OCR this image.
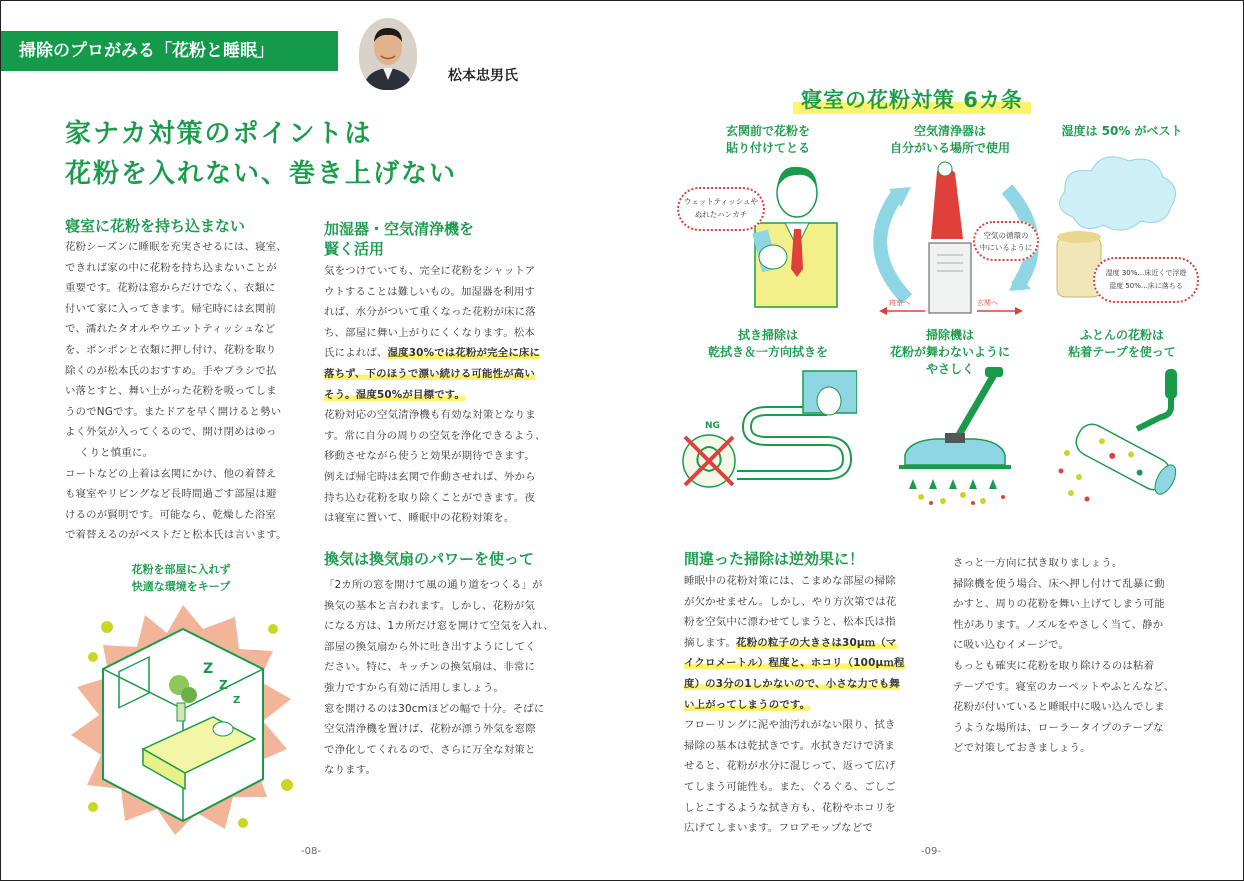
掃除のプロがみる「花粉と睡眠」
松本忠男氏
家ナカ対策のポイントは
花粉を入れない、巻き上げない
寝室に花粉を持ち込まない
花粉シーズンに睡眠を充実させるには、寝室、
できれば家の中に花粉を持ち込まないことが
重要です。花粉は窓からだけでなく、衣類に
付いて家に入ってきます。帰宅時には玄関前
で、濡れたタオルやウエットティッシュなど
を、ポンポンと衣類に押し付け、花粉を取り
除くのが松本氏のおすすめ。手やブラシで払
い落とすと、舞い上がった花粉を吸ってしま
うのでNGです。またドアを早く開けると勢い
よく外気が入ってくるので、開け閉めはゆっ
くりと慎重に。
コートなどの上着は玄関にかけ、他の着替え
も寝室やリビングなど長時間過ごす部屋は避
けるのが賢明です。可能なら、乾燥した浴室
で着替えるのがベストだと松本氏は言います。
花粉を部屋に入れず
快適な環境をキープ
Z
Z
Z
加湿器・空気清浄機を
賢く活用
気をつけていても、完全に花粉をシャットア
ウトすることは難しいもの。加湿器を利用す
れば、水分がついて重くなった花粉が床に落
ち、部屋に舞い上がりにくくなります。松本
氏によれば、湿度30%では花粉が完全に床に
落ちず、下のほうで漂い続ける可能性が高い
そう。湿度50%が目標です。
花粉対応の空気清浄機も有効な対策となりま
す。常に自分の周りの空気を浄化できるよう、
移動させながら使うと効果が期待できます。
例えば帰宅時は玄関で作動させれば、外から
持ち込む花粉を取り除くことができます。夜
は寝室に置いて、睡眠中の花粉対策を。
換気は換気扇のパワーを使って
「2カ所の窓を開けて風の通り道をつくる」が
換気の基本と言われます。しかし、花粉が気
になる方は、1カ所だけ窓を開けて空気を入れ、
部屋の換気扇から外に吐き出すようにしてく
ださい。特に、キッチンの換気扇は、非常に
強力ですから有効に活用しましょう。
窓を開けるのは30cmほどの幅で十分。そばに
空気清浄機を置けば、花粉が漂う外気を窓際
で浄化してくれるので、さらに万全な対策と
なります。
-08-
寝室の花粉対策 6カ条
玄関前で花粉を
貼り付けてとる
空気清浄器は
自分がいる場所で使用
湿度は 50% がベスト
ウェットティッシュや
ぬれたハンカチ
空気の循環の
中にいるように
寝室へ	玄関へ
湿度 30%…床近くで浮遊
湿度 50%…床に落ちる
拭き掃除は
乾拭き＆一方向拭きを
掃除機は
花粉が舞わないように
やさしく
ふとんの花粉は
粘着テープを使って
NG
間違った掃除は逆効果に！
睡眠中の花粉対策には、こまめな部屋の掃除
が欠かせません。しかし、やり方次第では花
粉を空気中に漂わせてしまうと、松本氏は指
摘します。花粉の粒子の大きさは30μｍ（マ
イクロメートル）程度と、ホコリ（100μｍ程
度）の3分の1しかないので、小さな力でも舞
い上がってしまうのです。
フローリングに泥や油汚れがない限り、拭き
掃除の基本は乾拭きです。水拭きだけで済ま
せると、花粉が水分に混じって、返って広げ
てしまう可能性も。また、ぐるぐる、ごしご
しとこするような拭き方も、花粉やホコリを
広げてしまいます。フロアモップなどで
さっと一方向に拭き取りましょう。
掃除機を使う場合、床へ押し付けて乱暴に動
かすと、周りの花粉を舞い上げてしまう可能
性があります。ノズルをやさしく当て、静か
に吸い込むイメージで。
もっとも確実に花粉を取り除けるのは粘着
テープです。寝室のカーペットやふとんなど、
花粉が付いていると睡眠中に吸い込んでしま
うような場所は、ローラータイプのテープな
どで対策しておきましょう。
-09-
